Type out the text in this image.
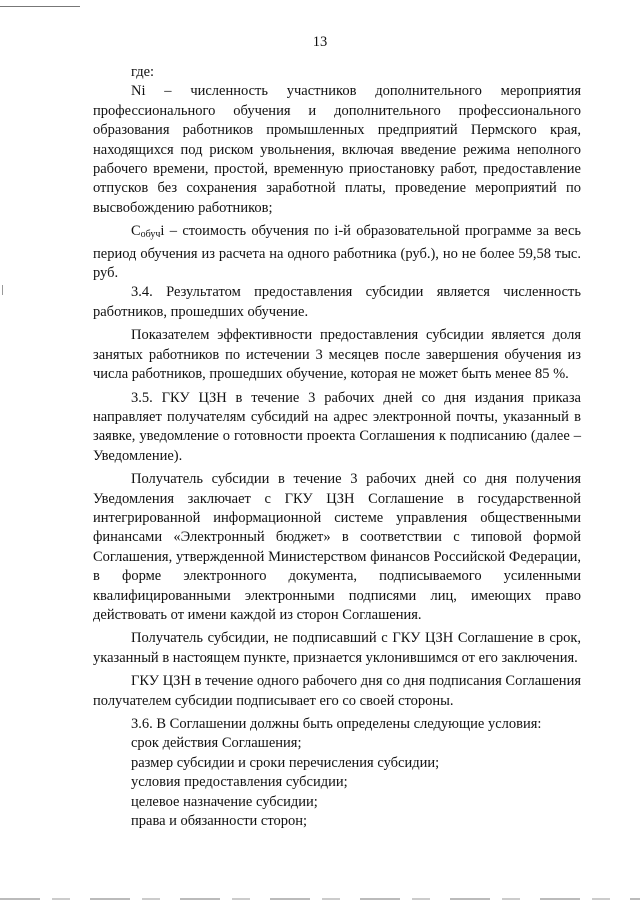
13

где:

Ni – численность участников дополнительного мероприятия профессионального обучения и дополнительного профессионального образования работников промышленных предприятий Пермского края, находящихся под риском увольнения, включая введение режима неполного рабочего времени, простой, временную приостановку работ, предоставление отпусков без сохранения заработной платы, проведение мероприятий по высвобождению работников;

$С_{обуч}i$ – стоимость обучения по i-й образовательной программе за весь период обучения из расчета на одного работника (руб.), но не более 59,58 тыс. руб.

3.4. Результатом предоставления субсидии является численность работников, прошедших обучение.

Показателем эффективности предоставления субсидии является доля занятых работников по истечении 3 месяцев после завершения обучения из числа работников, прошедших обучение, которая не может быть менее 85 %.

3.5. ГКУ ЦЗН в течение 3 рабочих дней со дня издания приказа направляет получателям субсидий на адрес электронной почты, указанный в заявке, уведомление о готовности проекта Соглашения к подписанию (далее – Уведомление).

Получатель субсидии в течение 3 рабочих дней со дня получения Уведомления заключает с ГКУ ЦЗН Соглашение в государственной интегрированной информационной системе управления общественными финансами «Электронный бюджет» в соответствии с типовой формой Соглашения, утвержденной Министерством финансов Российской Федерации, в форме электронного документа, подписываемого усиленными квалифицированными электронными подписями лиц, имеющих право действовать от имени каждой из сторон Соглашения.

Получатель субсидии, не подписавший с ГКУ ЦЗН Соглашение в срок, указанный в настоящем пункте, признается уклонившимся от его заключения.

ГКУ ЦЗН в течение одного рабочего дня со дня подписания Соглашения получателем субсидии подписывает его со своей стороны.

3.6. В Соглашении должны быть определены следующие условия:

срок действия Соглашения;

размер субсидии и сроки перечисления субсидии;

условия предоставления субсидии;

целевое назначение субсидии;

права и обязанности сторон;
